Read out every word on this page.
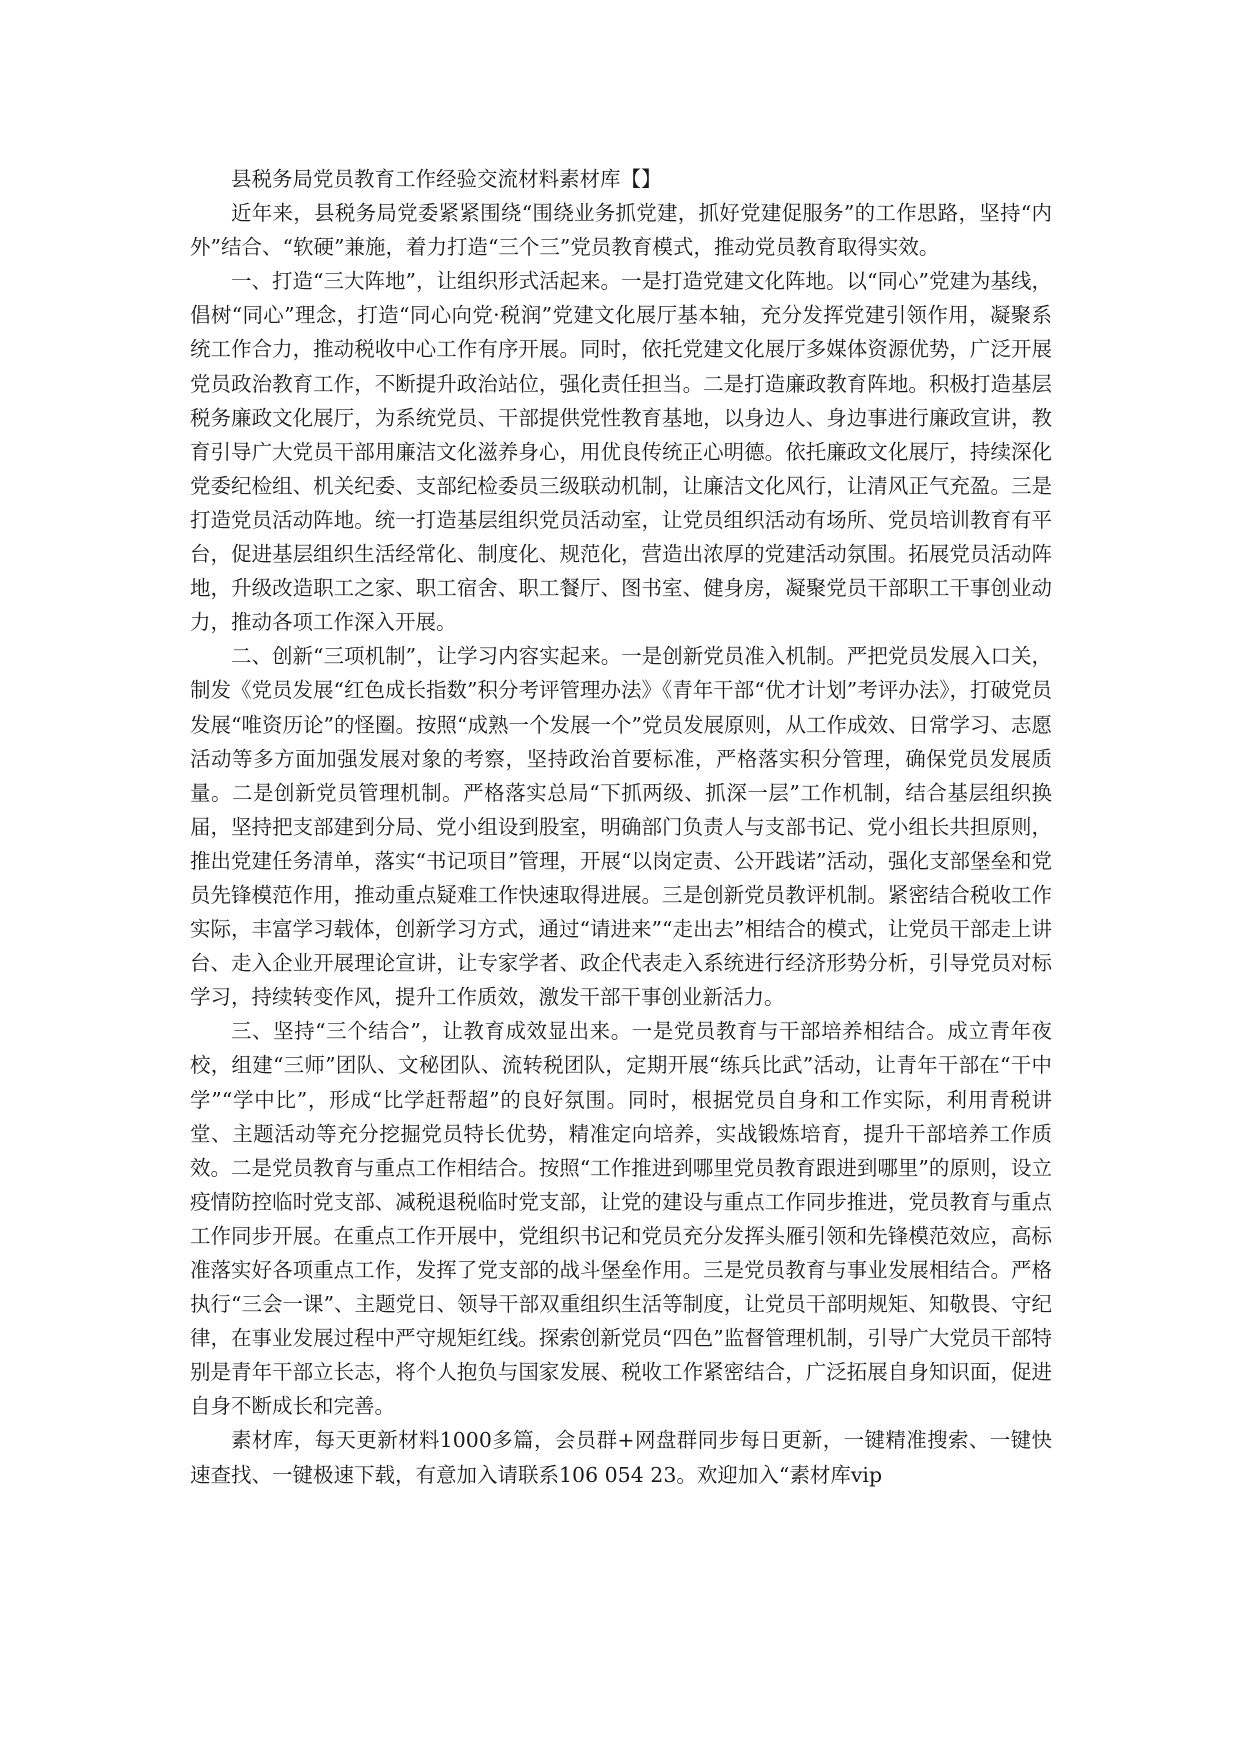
县税务局党员教育工作经验交流材料素材库【】

近年来，县税务局党委紧紧围绕“围绕业务抓党建，抓好党建促服务”的工作思路，坚持“内外”结合、“软硬”兼施，着力打造“三个三”党员教育模式，推动党员教育取得实效。

一、打造“三大阵地”，让组织形式活起来。一是打造党建文化阵地。以“同心”党建为基线，倡树“同心”理念，打造“同心向党·税润”党建文化展厅基本轴，充分发挥党建引领作用，凝聚系统工作合力，推动税收中心工作有序开展。同时，依托党建文化展厅多媒体资源优势，广泛开展党员政治教育工作，不断提升政治站位，强化责任担当。二是打造廉政教育阵地。积极打造基层税务廉政文化展厅，为系统党员、干部提供党性教育基地，以身边人、身边事进行廉政宣讲，教育引导广大党员干部用廉洁文化滋养身心，用优良传统正心明德。依托廉政文化展厅，持续深化党委纪检组、机关纪委、支部纪检委员三级联动机制，让廉洁文化风行，让清风正气充盈。三是打造党员活动阵地。统一打造基层组织党员活动室，让党员组织活动有场所、党员培训教育有平台，促进基层组织生活经常化、制度化、规范化，营造出浓厚的党建活动氛围。拓展党员活动阵地，升级改造职工之家、职工宿舍、职工餐厅、图书室、健身房，凝聚党员干部职工干事创业动力，推动各项工作深入开展。

二、创新“三项机制”，让学习内容实起来。一是创新党员准入机制。严把党员发展入口关，制发《党员发展“红色成长指数”积分考评管理办法》《青年干部“优才计划”考评办法》，打破党员发展“唯资历论”的怪圈。按照“成熟一个发展一个”党员发展原则，从工作成效、日常学习、志愿活动等多方面加强发展对象的考察，坚持政治首要标准，严格落实积分管理，确保党员发展质量。二是创新党员管理机制。严格落实总局“下抓两级、抓深一层”工作机制，结合基层组织换届，坚持把支部建到分局、党小组设到股室，明确部门负责人与支部书记、党小组长共担原则，推出党建任务清单，落实“书记项目”管理，开展“以岗定责、公开践诺”活动，强化支部堡垒和党员先锋模范作用，推动重点疑难工作快速取得进展。三是创新党员教评机制。紧密结合税收工作实际，丰富学习载体，创新学习方式，通过“请进来”“走出去”相结合的模式，让党员干部走上讲台、走入企业开展理论宣讲，让专家学者、政企代表走入系统进行经济形势分析，引导党员对标学习，持续转变作风，提升工作质效，激发干部干事创业新活力。

三、坚持“三个结合”，让教育成效显出来。一是党员教育与干部培养相结合。成立青年夜校，组建“三师”团队、文秘团队、流转税团队，定期开展“练兵比武”活动，让青年干部在“干中学”“学中比”，形成“比学赶帮超”的良好氛围。同时，根据党员自身和工作实际，利用青税讲堂、主题活动等充分挖掘党员特长优势，精准定向培养，实战锻炼培育，提升干部培养工作质效。二是党员教育与重点工作相结合。按照“工作推进到哪里党员教育跟进到哪里”的原则，设立疫情防控临时党支部、减税退税临时党支部，让党的建设与重点工作同步推进，党员教育与重点工作同步开展。在重点工作开展中，党组织书记和党员充分发挥头雁引领和先锋模范效应，高标准落实好各项重点工作，发挥了党支部的战斗堡垒作用。三是党员教育与事业发展相结合。严格执行“三会一课”、主题党日、领导干部双重组织生活等制度，让党员干部明规矩、知敬畏、守纪律，在事业发展过程中严守规矩红线。探索创新党员“四色”监督管理机制，引导广大党员干部特别是青年干部立长志，将个人抱负与国家发展、税收工作紧密结合，广泛拓展自身知识面，促进自身不断成长和完善。

素材库，每天更新材料1000多篇，会员群+网盘群同步每日更新，一键精准搜索、一键快速查找、一键极速下载，有意加入请联系106 054 23。欢迎加入“素材库vip
